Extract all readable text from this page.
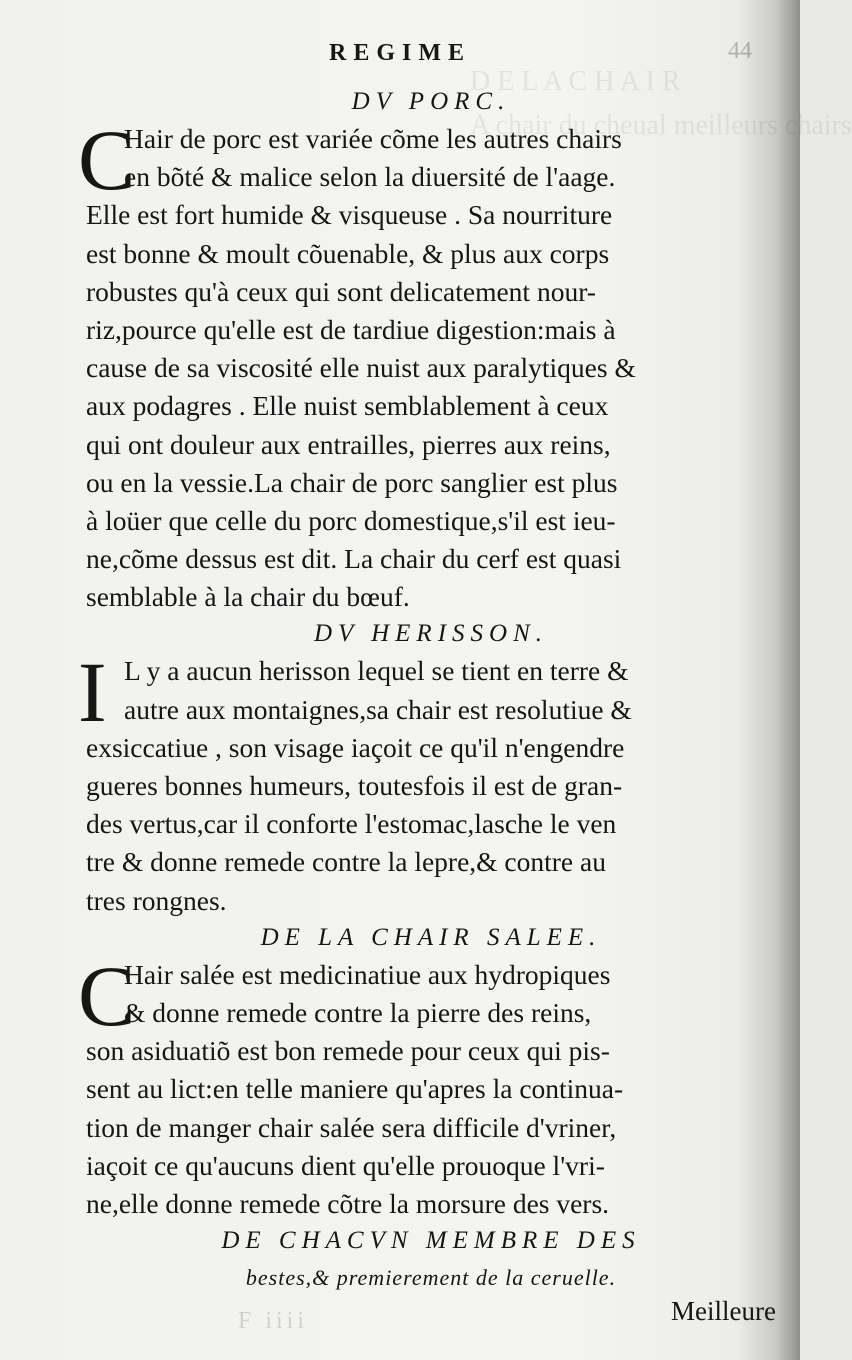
D E L A C H A I R
A chair du cheual meilleurs chairs
REGIME	44
DV PORC.
C
Hair de porc est variée cõme les autres chairs
en bõté & malice selon la diuersité de l'aage.
Elle est fort humide & visqueuse . Sa nourriture
est bonne & moult cõuenable, & plus aux corps
robustes qu'à ceux qui sont delicatement nour-
riz,pource qu'elle est de tardiue digestion:mais à
cause de sa viscosité elle nuist aux paralytiques &
aux podagres . Elle nuist semblablement à ceux
qui ont douleur aux entrailles, pierres aux reins,
ou en la vessie.La chair de porc sanglier est plus
à loüer que celle du porc domestique,s'il est ieu-
ne,cõme dessus est dit. La chair du cerf est quasi
semblable à la chair du bœuf.
DV HERISSON.
I L y a aucun herisson lequel se tient en terre &
autre aux montaignes,sa chair est resolutiue &
exsiccatiue , son visage iaçoit ce qu'il n'engendre
gueres bonnes humeurs, toutesfois il est de gran-
des vertus,car il conforte l'estomac,lasche le ven
tre & donne remede contre la lepre,& contre au
tres rongnes.
DE LA CHAIR SALEE.
C
Hair salée est medicinatiue aux hydropiques
& donne remede contre la pierre des reins,
son asiduatiõ est bon remede pour ceux qui pis-
sent au lict:en telle maniere qu'apres la continua-
tion de manger chair salée sera difficile d'vriner,
iaçoit ce qu'aucuns dient qu'elle prouoque l'vri-
ne,elle donne remede cõtre la morsure des vers.
DE CHACVN MEMBRE DES
bestes,& premierement de la ceruelle.
F iiii	Meilleure
